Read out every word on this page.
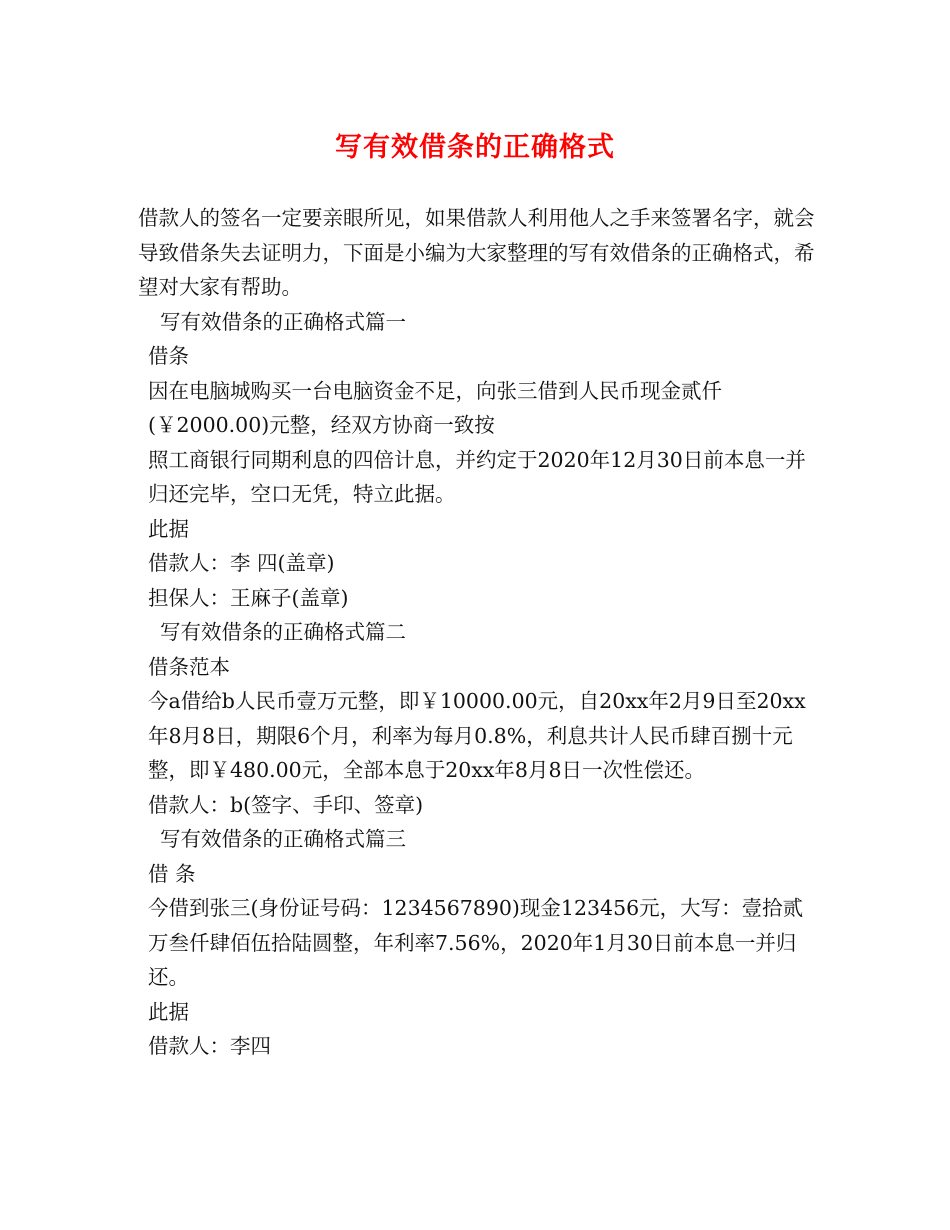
写有效借条的正确格式

借款人的签名一定要亲眼所见，如果借款人利用他人之手来签署名字，就会导致借条失去证明力，下面是小编为大家整理的写有效借条的正确格式，希望对大家有帮助。

写有效借条的正确格式篇一

借条

因在电脑城购买一台电脑资金不足，向张三借到人民币现金贰仟(￥2000.00)元整，经双方协商一致按

照工商银行同期利息的四倍计息，并约定于2020年12月30日前本息一并归还完毕，空口无凭，特立此据。

此据

借款人：李 四(盖章)

担保人：王麻子(盖章)

写有效借条的正确格式篇二

借条范本

今a借给b人民币壹万元整，即￥10000.00元，自20xx年2月9日至20xx年8月8日，期限6个月，利率为每月0.8%，利息共计人民币肆百捌十元整，即￥480.00元，全部本息于20xx年8月8日一次性偿还。

借款人：b(签字、手印、签章)

写有效借条的正确格式篇三

借 条

今借到张三(身份证号码：1234567890)现金123456元，大写：壹拾贰万叁仟肆佰伍拾陆圆整，年利率7.56%，2020年1月30日前本息一并归还。

此据

借款人：李四
